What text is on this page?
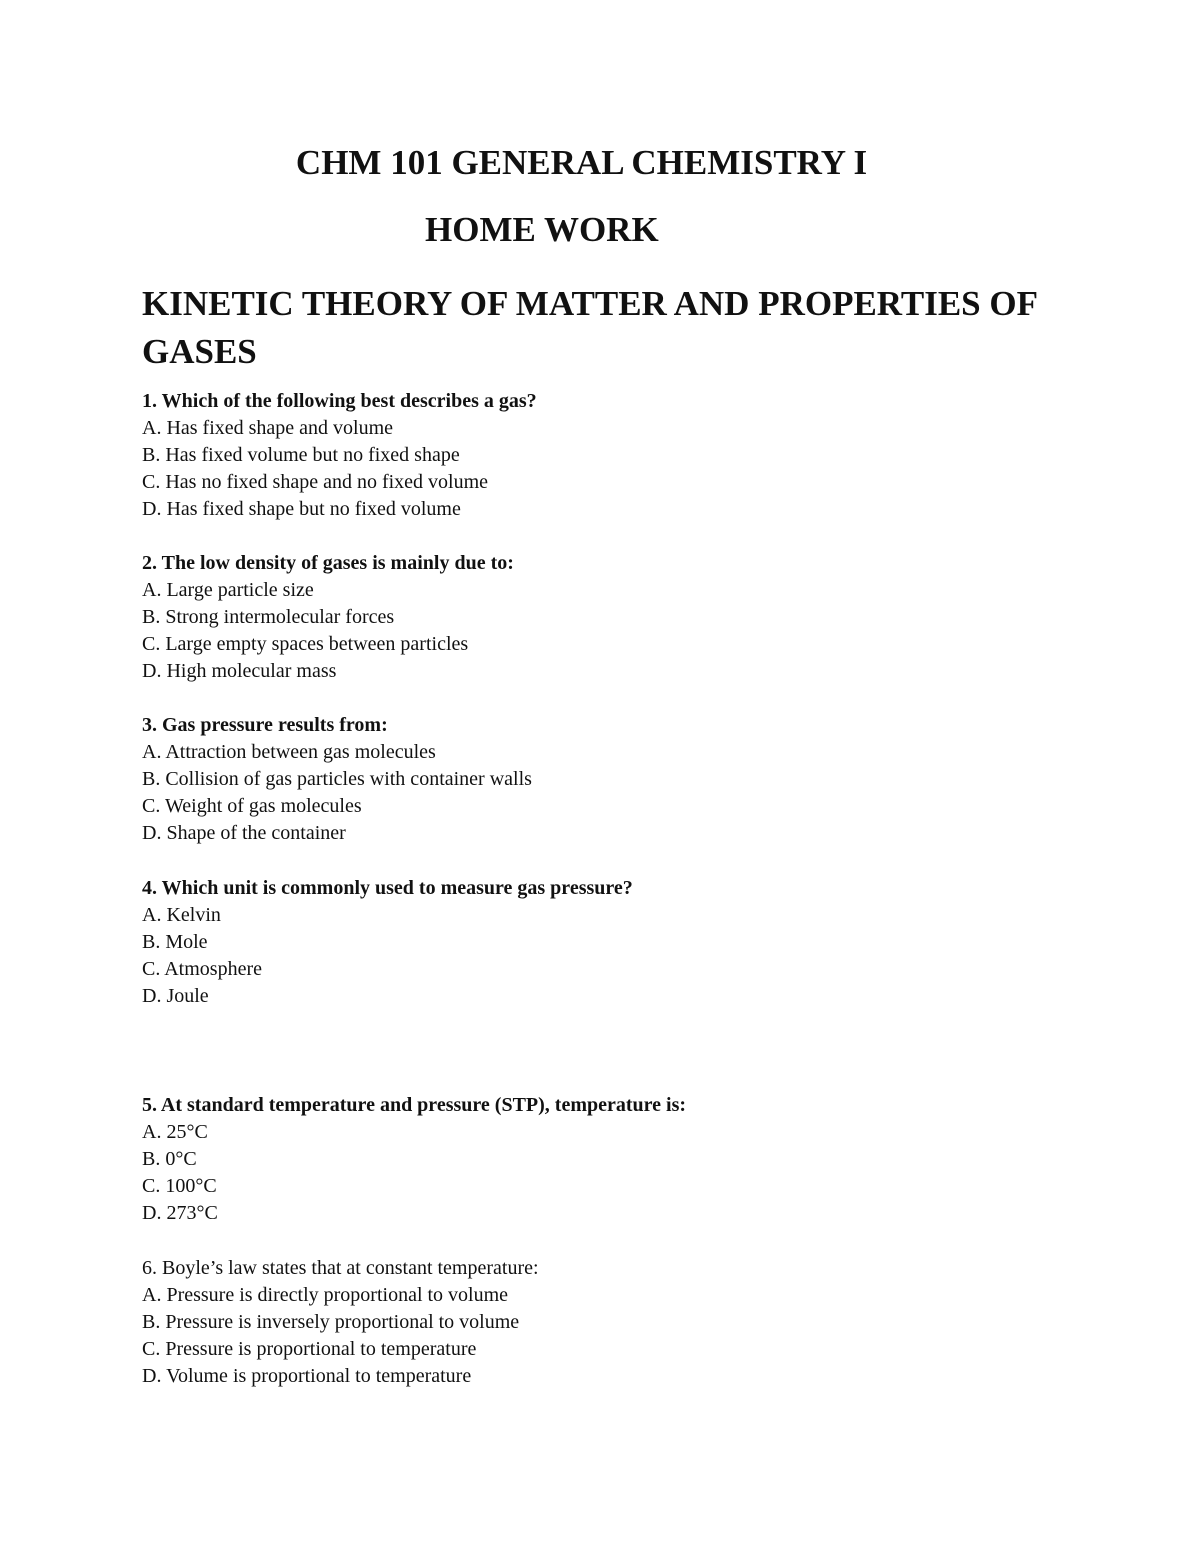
CHM 101 GENERAL CHEMISTRY I
HOME WORK
KINETIC THEORY OF MATTER AND PROPERTIES OF GASES

1. Which of the following best describes a gas?

A. Has fixed shape and volume
B. Has fixed volume but no fixed shape
C. Has no fixed shape and no fixed volume
D. Has fixed shape but no fixed volume

2. The low density of gases is mainly due to:

A. Large particle size
B. Strong intermolecular forces
C. Large empty spaces between particles
D. High molecular mass

3. Gas pressure results from:

A. Attraction between gas molecules
B. Collision of gas particles with container walls
C. Weight of gas molecules
D. Shape of the container

4. Which unit is commonly used to measure gas pressure?

A. Kelvin
B. Mole
C. Atmosphere
D. Joule

5. At standard temperature and pressure (STP), temperature is:

A. 25°C
B. 0°C
C. 100°C
D. 273°C

6. Boyle’s law states that at constant temperature:

A. Pressure is directly proportional to volume
B. Pressure is inversely proportional to volume
C. Pressure is proportional to temperature
D. Volume is proportional to temperature
